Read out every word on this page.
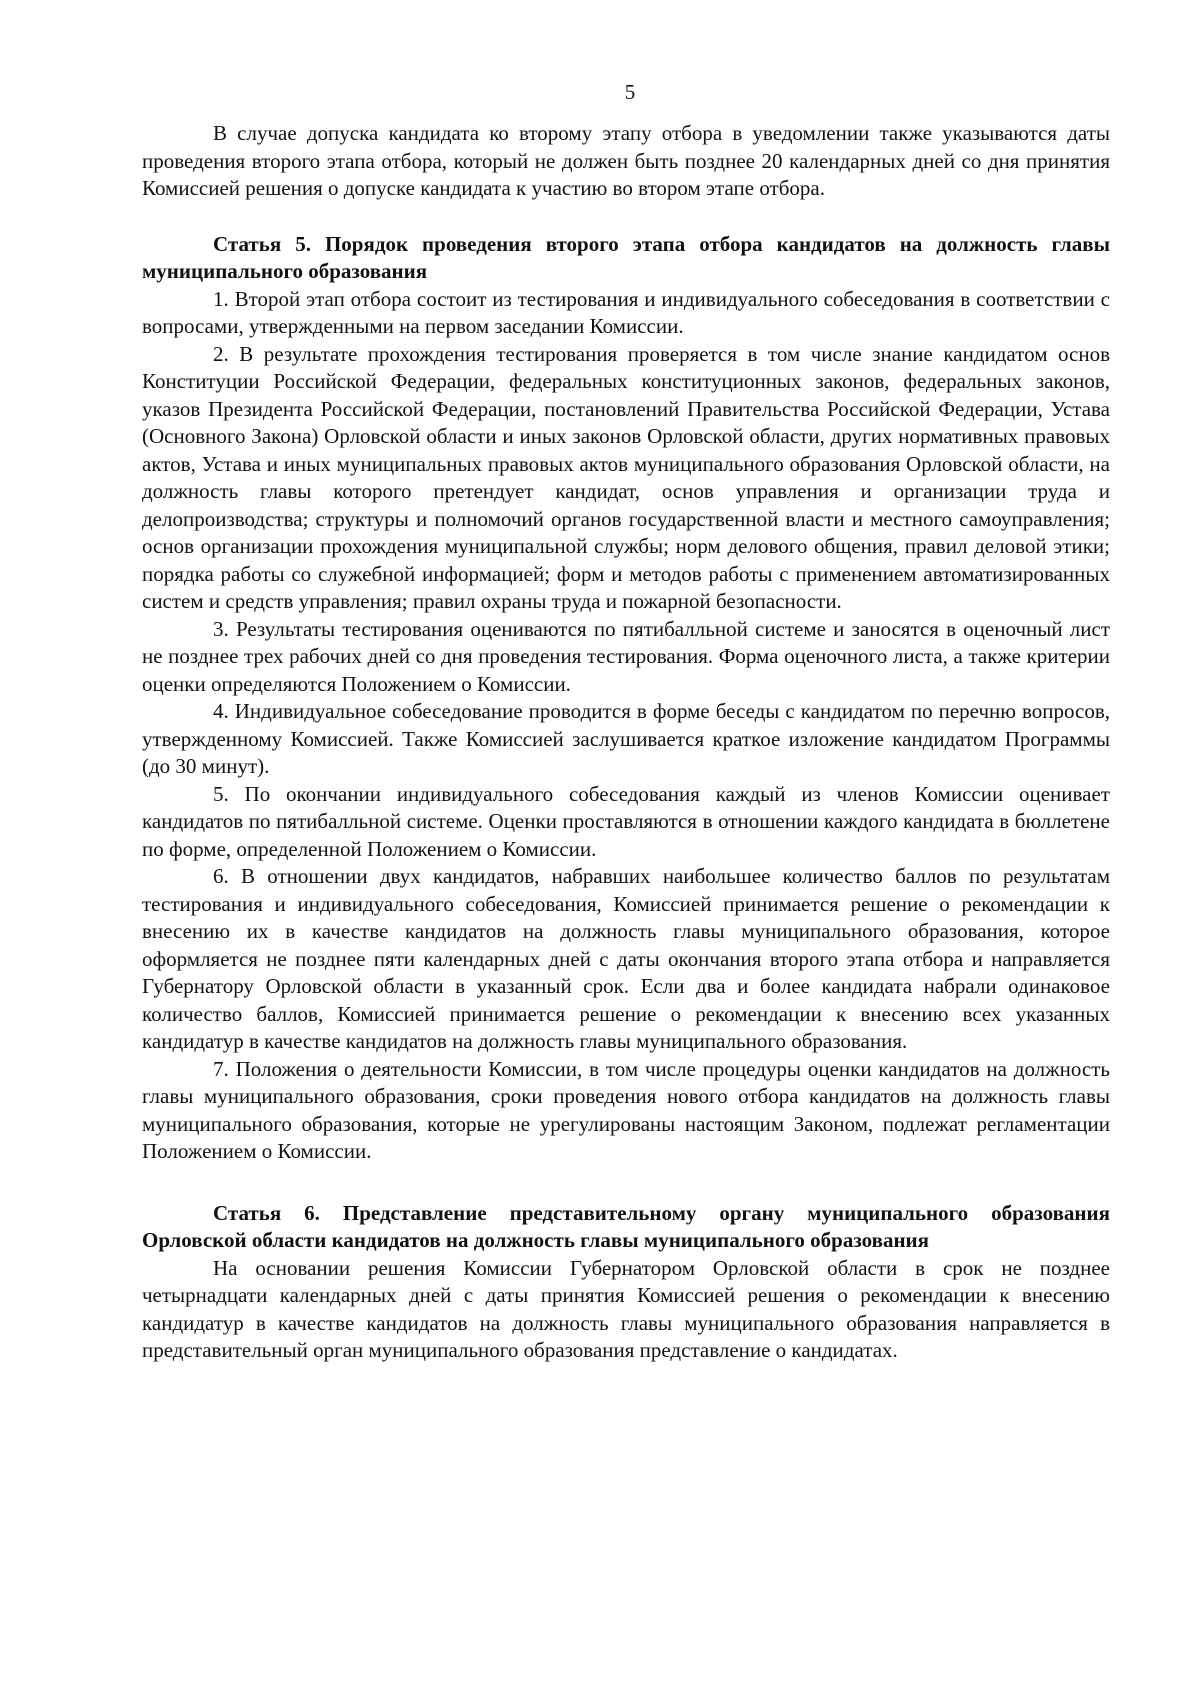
5

В случае допуска кандидата ко второму этапу отбора в уведомлении также указываются даты проведения второго этапа отбора, который не должен быть позднее 20 календарных дней со дня принятия Комиссией решения о допуске кандидата к участию во втором этапе отбора.

Статья 5. Порядок проведения второго этапа отбора кандидатов на должность главы муниципального образования

1. Второй этап отбора состоит из тестирования и индивидуального собеседования в соответствии с вопросами, утвержденными на первом заседании Комиссии.

2. В результате прохождения тестирования проверяется в том числе знание кандидатом основ Конституции Российской Федерации, федеральных конституционных законов, федеральных законов, указов Президента Российской Федерации, постановлений Правительства Российской Федерации, Устава (Основного Закона) Орловской области и иных законов Орловской области, других нормативных правовых актов, Устава и иных муниципальных правовых актов муниципального образования Орловской области, на должность главы которого претендует кандидат, основ управления и организации труда и делопроизводства; структуры и полномочий органов государственной власти и местного самоуправления; основ организации прохождения муниципальной службы; норм делового общения, правил деловой этики; порядка работы со служебной информацией; форм и методов работы с применением автоматизированных систем и средств управления; правил охраны труда и пожарной безопасности.

3. Результаты тестирования оцениваются по пятибалльной системе и заносятся в оценочный лист не позднее трех рабочих дней со дня проведения тестирования. Форма оценочного листа, а также критерии оценки определяются Положением о Комиссии.

4. Индивидуальное собеседование проводится в форме беседы с кандидатом по перечню вопросов, утвержденному Комиссией. Также Комиссией заслушивается краткое изложение кандидатом Программы (до 30 минут).

5. По окончании индивидуального собеседования каждый из членов Комиссии оценивает кандидатов по пятибалльной системе. Оценки проставляются в отношении каждого кандидата в бюллетене по форме, определенной Положением о Комиссии.

6. В отношении двух кандидатов, набравших наибольшее количество баллов по результатам тестирования и индивидуального собеседования, Комиссией принимается решение о рекомендации к внесению их в качестве кандидатов на должность главы муниципального образования, которое оформляется не позднее пяти календарных дней с даты окончания второго этапа отбора и направляется Губернатору Орловской области в указанный срок. Если два и более кандидата набрали одинаковое количество баллов, Комиссией принимается решение о рекомендации к внесению всех указанных кандидатур в качестве кандидатов на должность главы муниципального образования.

7. Положения о деятельности Комиссии, в том числе процедуры оценки кандидатов на должность главы муниципального образования, сроки проведения нового отбора кандидатов на должность главы муниципального образования, которые не урегулированы настоящим Законом, подлежат регламентации Положением о Комиссии.

Статья 6. Представление представительному органу муниципального образования Орловской области кандидатов на должность главы муниципального образования

На основании решения Комиссии Губернатором Орловской области в срок не позднее четырнадцати календарных дней с даты принятия Комиссией решения о рекомендации к внесению кандидатур в качестве кандидатов на должность главы муниципального образования направляется в представительный орган муниципального образования представление о кандидатах.
